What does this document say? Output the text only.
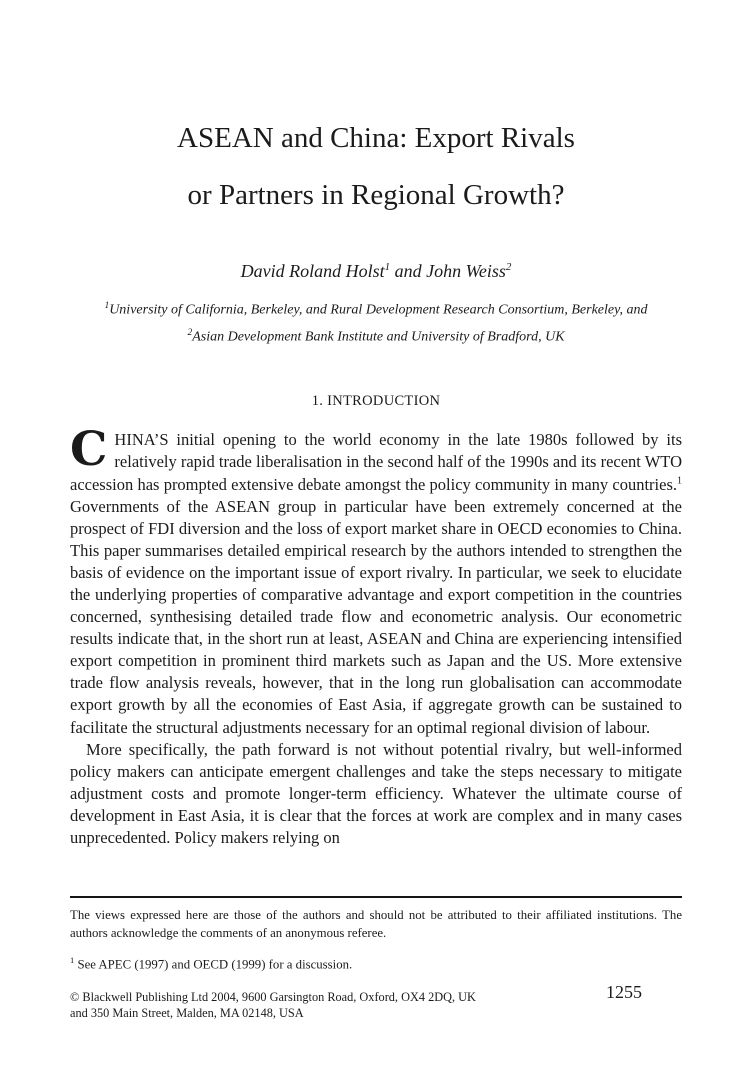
ASEAN and China: Export Rivals
or Partners in Regional Growth?
David Roland Holst$^1$ and John Weiss$^2$
$^1$University of California, Berkeley, and Rural Development Research Consortium, Berkeley, and
$^2$Asian Development Bank Institute and University of Bradford, UK
1. INTRODUCTION

CHINA’S initial opening to the world economy in the late 1980s followed by its relatively rapid trade liberalisation in the second half of the 1990s and its recent WTO accession has prompted extensive debate amongst the policy community in many countries.$^1$ Governments of the ASEAN group in particular have been extremely concerned at the prospect of FDI diversion and the loss of export market share in OECD economies to China. This paper summarises detailed empirical research by the authors intended to strengthen the basis of evidence on the important issue of export rivalry. In particular, we seek to elucidate the underlying properties of comparative advantage and export competition in the countries concerned, synthesising detailed trade flow and econometric analysis. Our econometric results indicate that, in the short run at least, ASEAN and China are experiencing intensified export competition in prominent third markets such as Japan and the US. More extensive trade flow analysis reveals, however, that in the long run globalisation can accommodate export growth by all the economies of East Asia, if aggregate growth can be sustained to facilitate the structural adjustments necessary for an optimal regional division of labour.

More specifically, the path forward is not without potential rivalry, but well-informed policy makers can anticipate emergent challenges and take the steps necessary to mitigate adjustment costs and promote longer-term efficiency. Whatever the ultimate course of development in East Asia, it is clear that the forces at work are complex and in many cases unprecedented. Policy makers relying on

The views expressed here are those of the authors and should not be attributed to their affiliated institutions. The authors acknowledge the comments of an anonymous referee.
$^1$ See APEC (1997) and OECD (1999) for a discussion.
© Blackwell Publishing Ltd 2004, 9600 Garsington Road, Oxford, OX4 2DQ, UK
and 350 Main Street, Malden, MA 02148, USA
1255
